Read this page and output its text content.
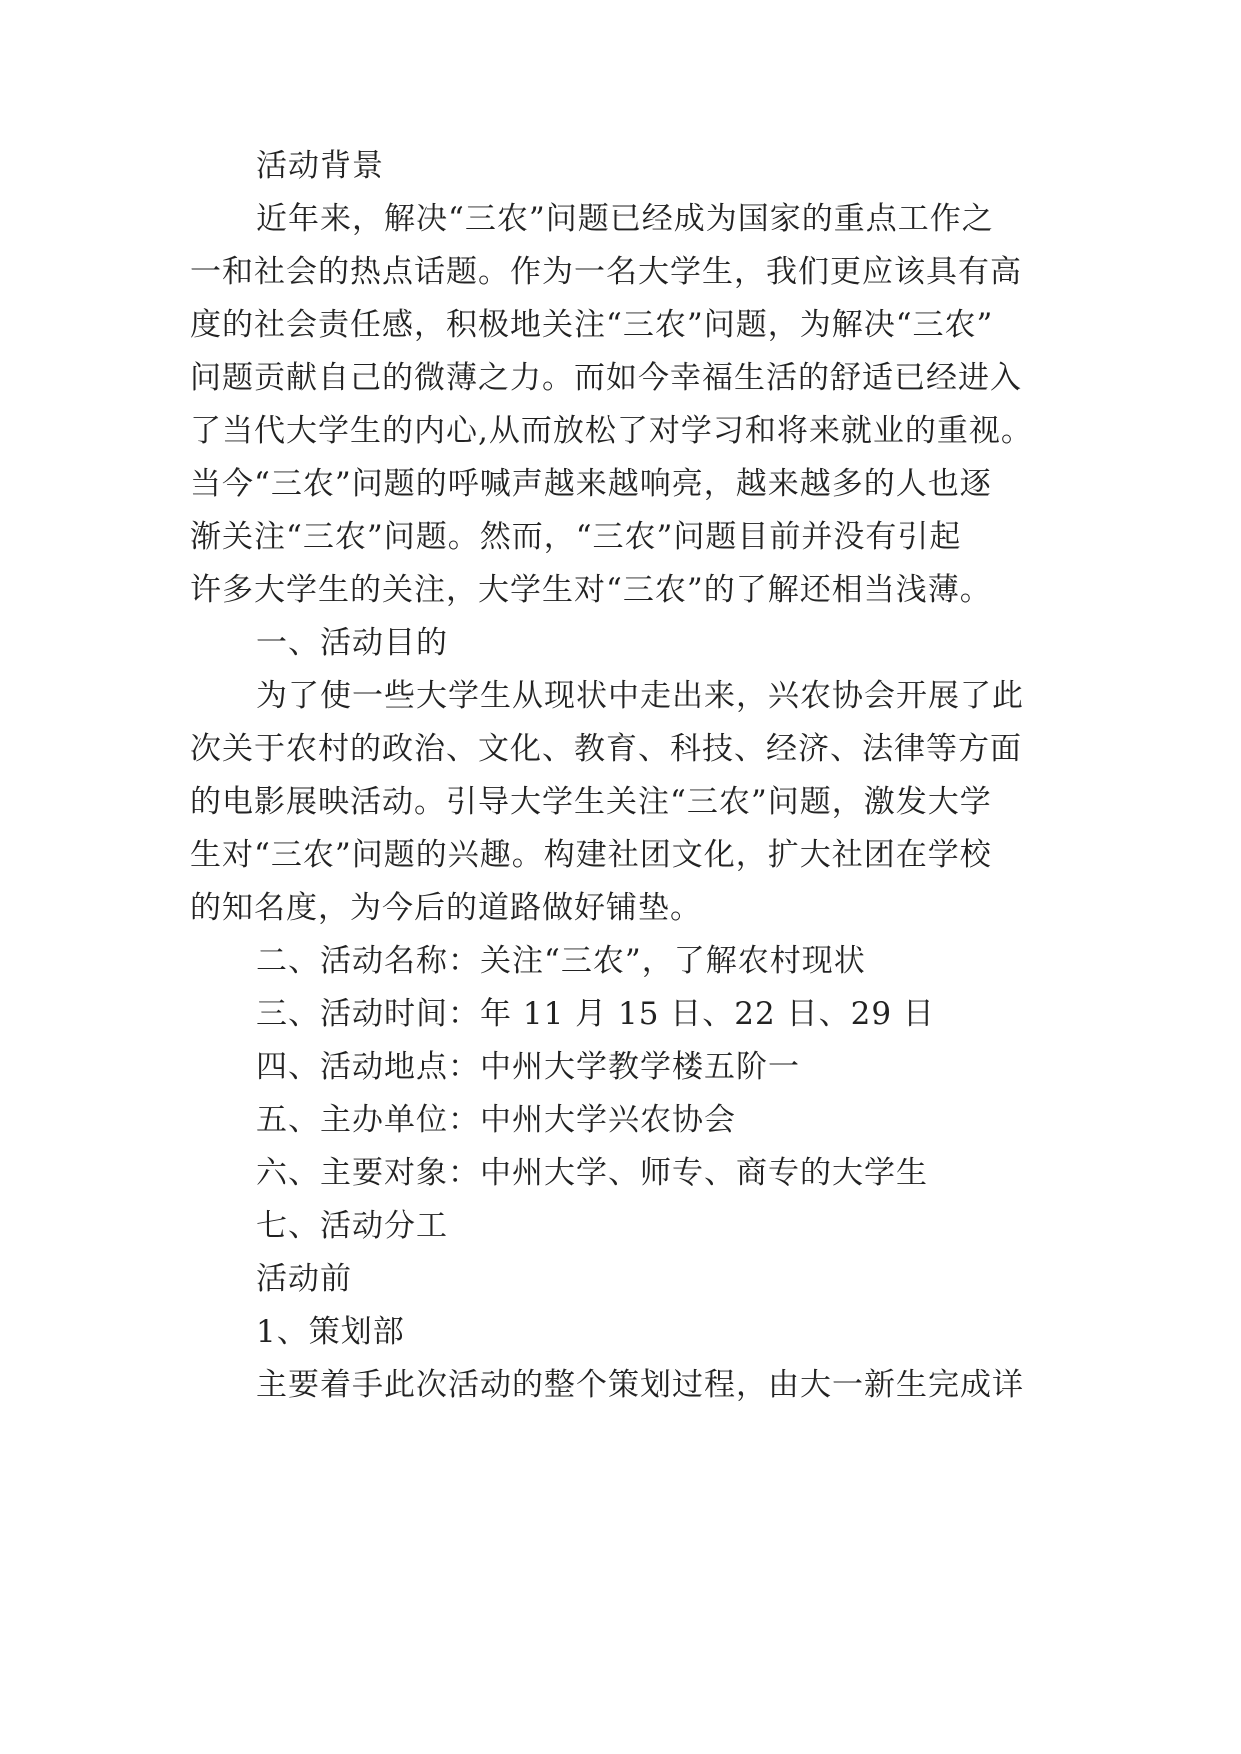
活动背景
近年来，解决“三农”问题已经成为国家的重点工作之
一和社会的热点话题。作为一名大学生，我们更应该具有高
度的社会责任感，积极地关注“三农”问题，为解决“三农”
问题贡献自己的微薄之力。而如今幸福生活的舒适已经进入
了当代大学生的内心,从而放松了对学习和将来就业的重视。
当今“三农”问题的呼喊声越来越响亮，越来越多的人也逐
渐关注“三农”问题。然而，“三农”问题目前并没有引起
许多大学生的关注，大学生对“三农”的了解还相当浅薄。
一、活动目的
为了使一些大学生从现状中走出来，兴农协会开展了此
次关于农村的政治、文化、教育、科技、经济、法律等方面
的电影展映活动。引导大学生关注“三农”问题，激发大学
生对“三农”问题的兴趣。构建社团文化，扩大社团在学校
的知名度，为今后的道路做好铺垫。
二、活动名称：关注“三农”，了解农村现状
三、活动时间：年 11 月 15 日、22 日、29 日
四、活动地点：中州大学教学楼五阶一
五、主办单位：中州大学兴农协会
六、主要对象：中州大学、师专、商专的大学生
七、活动分工
活动前
1、策划部
主要着手此次活动的整个策划过程，由大一新生完成详
